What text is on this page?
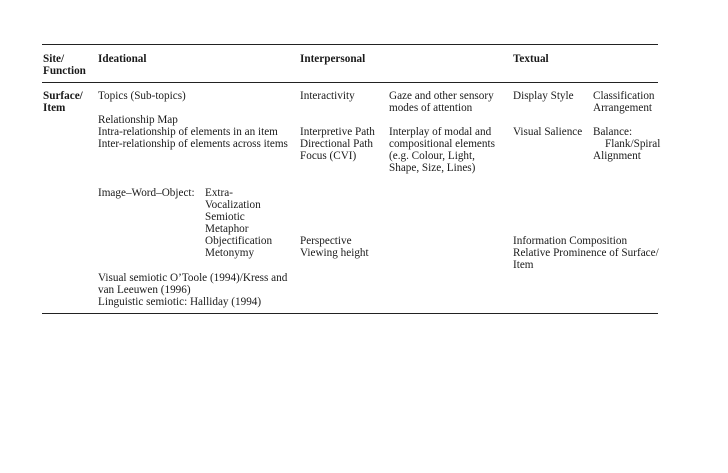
Site/
Function
Ideational	Interpersonal	Textual
Surface/
Item
Topics (Sub-topics)
Relationship Map
Intra-relationship of elements in an item
Inter-relationship of elements across items
Image–Word–Object: Extra-
Vocalization
Semiotic
Metaphor
Objectification
Metonymy
Visual semiotic O’Toole (1994)/Kress and
van Leeuwen (1996)
Linguistic semiotic: Halliday (1994)
Interactivity
Interpretive Path
Directional Path
Focus (CVI)
Perspective
Viewing height
Gaze and other sensory
modes of attention
Interplay of modal and
compositional elements
(e.g. Colour, Light,
Shape, Size, Lines)
Display Style
Visual Salience
Information Composition
Relative Prominence of Surface/
Item
Classification
Arrangement
Balance:
Flank/Spiral
Alignment
